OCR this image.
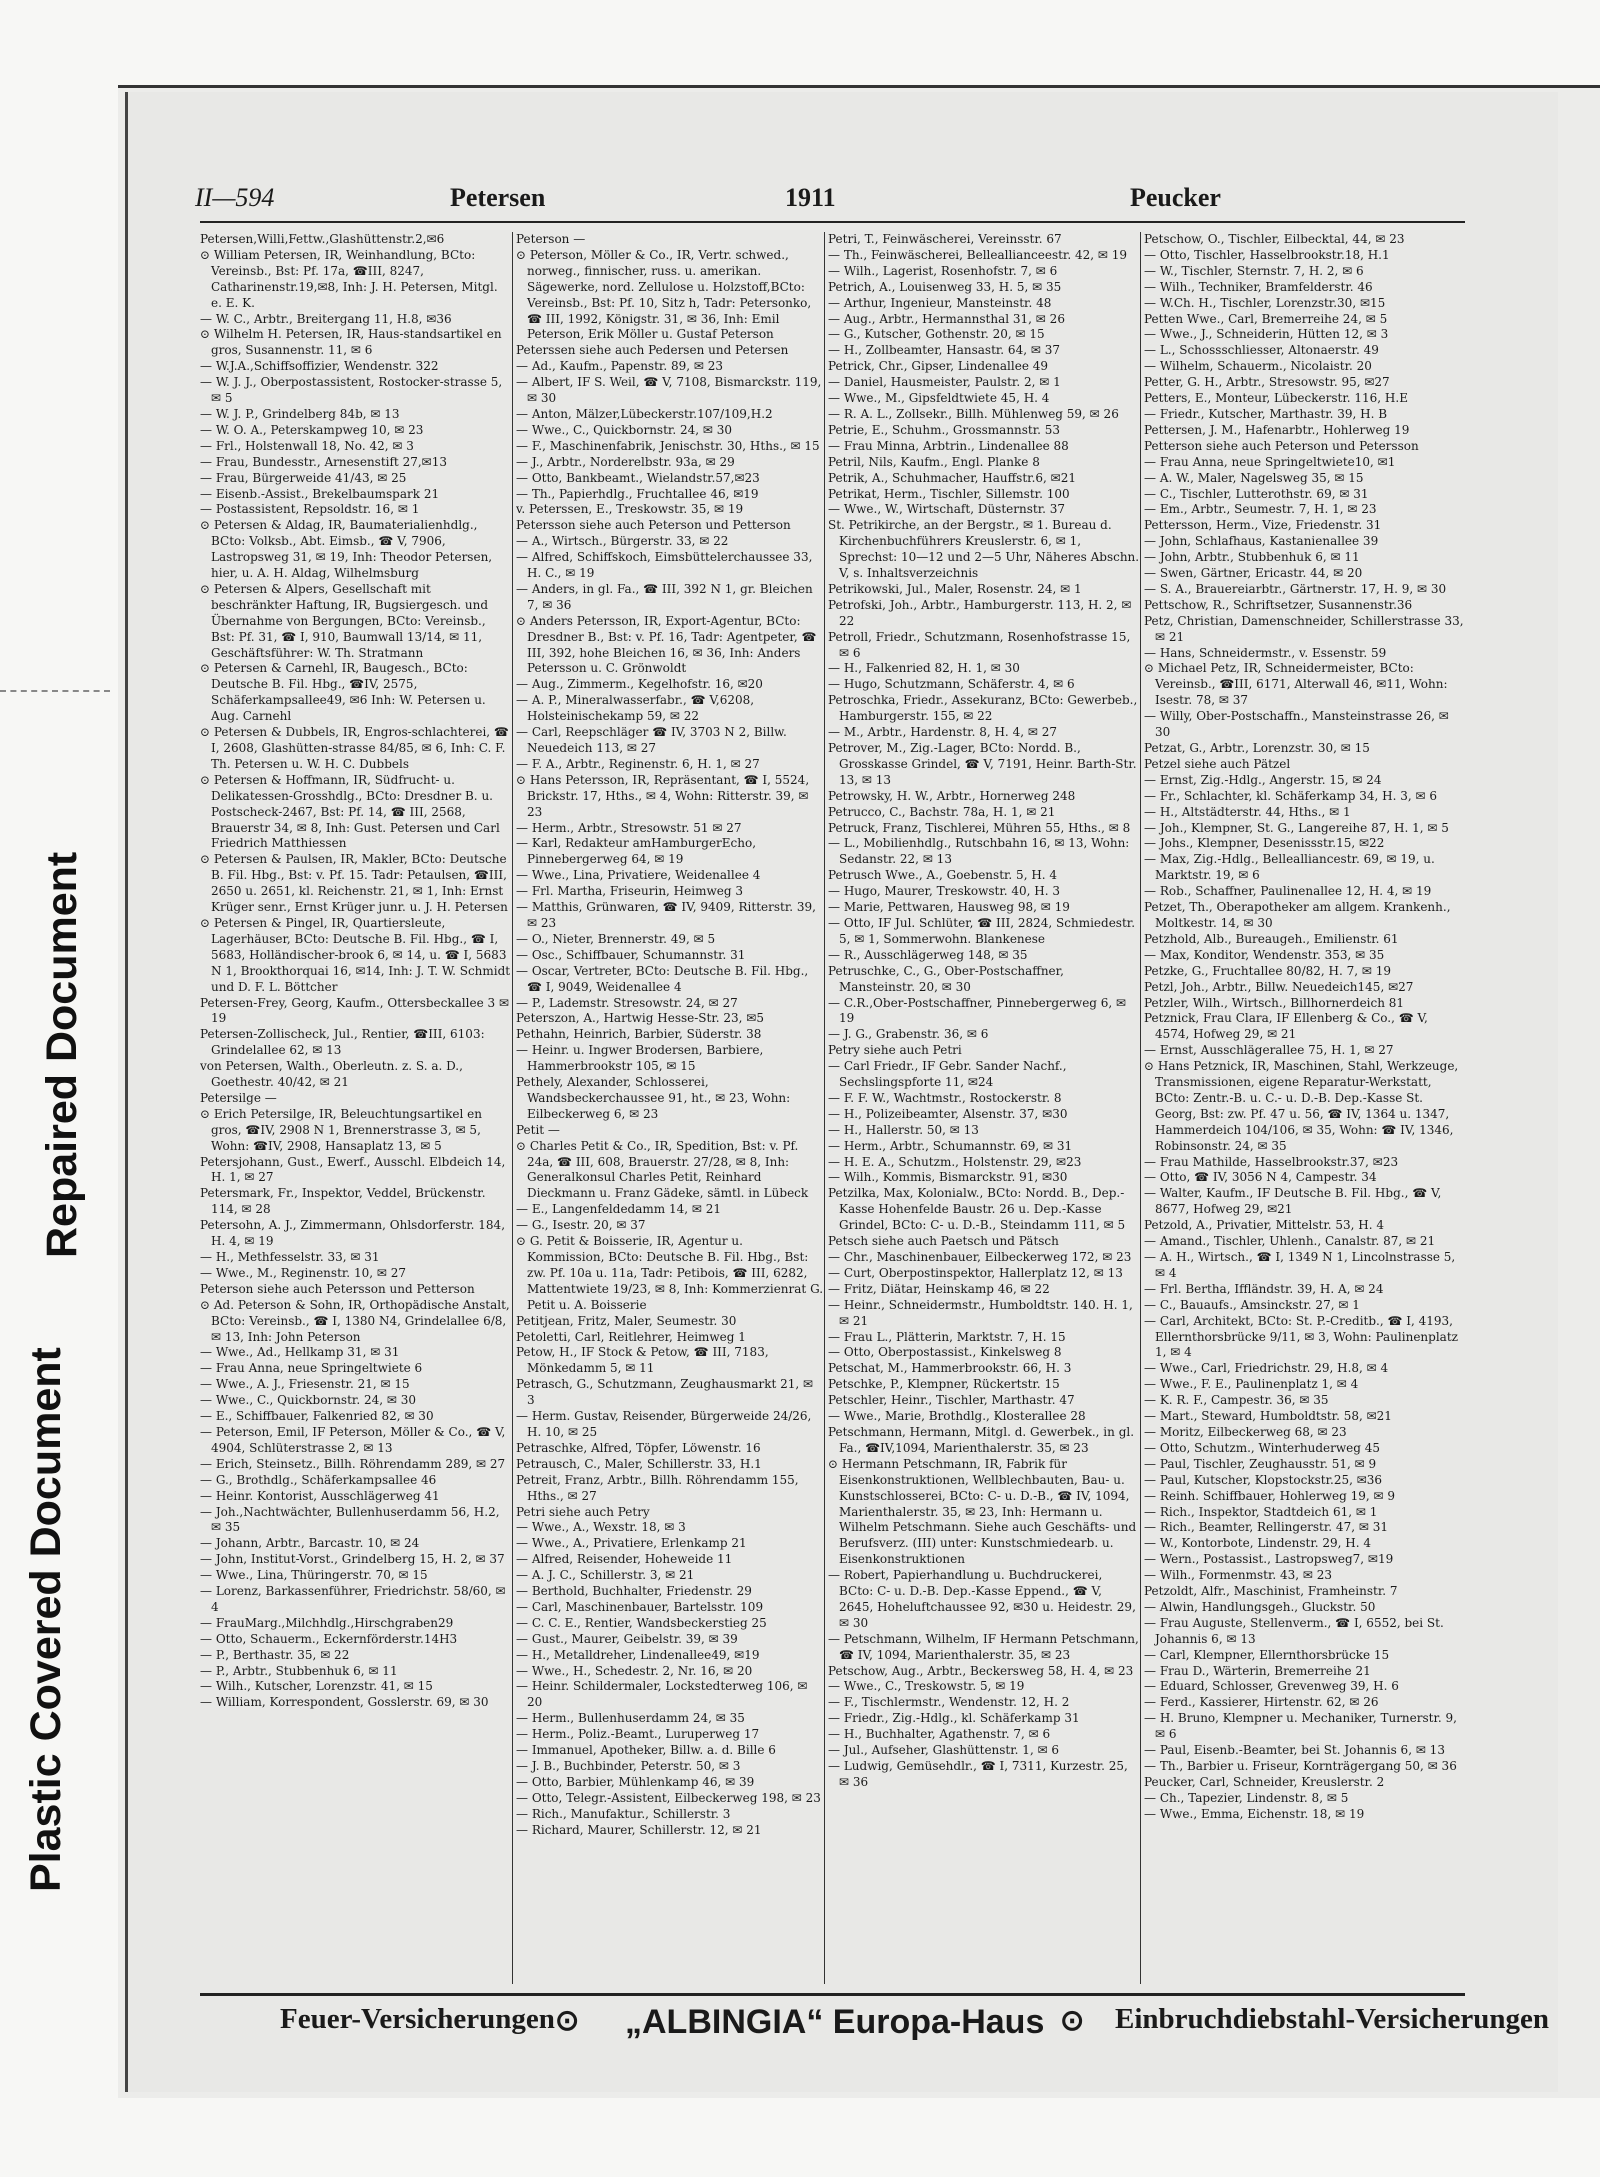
Repaired Document
Plastic Covered Document
II—594	Petersen	1911	Peucker

Petersen,Willi,Fettw.,Glashüttenstr.2,✉6

⊙ William Petersen, IR, Weinhandlung, BCto: Vereinsb., Bst: Pf. 17a, ☎III, 8247, Catharinenstr.19,✉8, Inh: J. H. Petersen, Mitgl. e. E. K.

— W. C., Arbtr., Breitergang 11, H.8, ✉36

⊙ Wilhelm H. Petersen, IR, Haus-standsartikel en gros, Susannenstr. 11, ✉ 6

— W.J.A.,Schiffsoffizier, Wendenstr. 322

— W. J. J., Oberpostassistent, Rostocker-strasse 5, ✉ 5

— W. J. P., Grindelberg 84b, ✉ 13

— W. O. A., Peterskampweg 10, ✉ 23

— Frl., Holstenwall 18, No. 42, ✉ 3

— Frau, Bundesstr., Arnesenstift 27,✉13

— Frau, Bürgerweide 41/43, ✉ 25

— Eisenb.-Assist., Brekelbaumspark 21

— Postassistent, Repsoldstr. 16, ✉ 1

⊙ Petersen & Aldag, IR, Baumaterialienhdlg., BCto: Volksb., Abt. Eimsb., ☎ V, 7906, Lastropsweg 31, ✉ 19, Inh: Theodor Petersen, hier, u. A. H. Aldag, Wilhelmsburg

⊙ Petersen & Alpers, Gesellschaft mit beschränkter Haftung, IR, Bugsiergesch. und Übernahme von Bergungen, BCto: Vereinsb., Bst: Pf. 31, ☎ I, 910, Baumwall 13/14, ✉ 11, Geschäftsführer: W. Th. Stratmann

⊙ Petersen & Carnehl, IR, Baugesch., BCto: Deutsche B. Fil. Hbg., ☎IV, 2575, Schäferkampsallee49, ✉6 Inh: W. Petersen u. Aug. Carnehl

⊙ Petersen & Dubbels, IR, Engros-schlachterei, ☎ I, 2608, Glashütten-strasse 84/85, ✉ 6, Inh: C. F. Th. Petersen u. W. H. C. Dubbels

⊙ Petersen & Hoffmann, IR, Südfrucht- u. Delikatessen-Grosshdlg., BCto: Dresdner B. u. Postscheck-2467, Bst: Pf. 14, ☎ III, 2568, Brauerstr 34, ✉ 8, Inh: Gust. Petersen und Carl Friedrich Matthiessen

⊙ Petersen & Paulsen, IR, Makler, BCto: Deutsche B. Fil. Hbg., Bst: v. Pf. 15. Tadr: Petaulsen, ☎III, 2650 u. 2651, kl. Reichenstr. 21, ✉ 1, Inh: Ernst Krüger senr., Ernst Krüger junr. u. J. H. Petersen

⊙ Petersen & Pingel, IR, Quartiersleute, Lagerhäuser, BCto: Deutsche B. Fil. Hbg., ☎ I, 5683, Holländischer-brook 6, ✉ 14, u. ☎ I, 5683 N 1, Brookthorquai 16, ✉14, Inh: J. T. W. Schmidt und D. F. L. Böttcher

Petersen-Frey, Georg, Kaufm., Ottersbeckallee 3 ✉ 19

Petersen-Zollischeck, Jul., Rentier, ☎III, 6103: Grindelallee 62, ✉ 13

von Petersen, Walth., Oberleutn. z. S. a. D., Goethestr. 40/42, ✉ 21

Petersilge —

⊙ Erich Petersilge, IR, Beleuchtungsartikel en gros, ☎IV, 2908 N 1, Brennerstrasse 3, ✉ 5, Wohn: ☎IV, 2908, Hansaplatz 13, ✉ 5

Petersjohann, Gust., Ewerf., Ausschl. Elbdeich 14, H. 1, ✉ 27

Petersmark, Fr., Inspektor, Veddel, Brückenstr. 114, ✉ 28

Petersohn, A. J., Zimmermann, Ohlsdorferstr. 184, H. 4, ✉ 19

— H., Methfesselstr. 33, ✉ 31

— Wwe., M., Reginenstr. 10, ✉ 27

Peterson siehe auch Petersson und Petterson

⊙ Ad. Peterson & Sohn, IR, Orthopädische Anstalt, BCto: Vereinsb., ☎ I, 1380 N4, Grindelallee 6/8, ✉ 13, Inh: John Peterson

— Wwe., Ad., Hellkamp 31, ✉ 31

— Frau Anna, neue Springeltwiete 6

— Wwe., A. J., Friesenstr. 21, ✉ 15

— Wwe., C., Quickbornstr. 24, ✉ 30

— E., Schiffbauer, Falkenried 82, ✉ 30

— Peterson, Emil, IF Peterson, Möller & Co., ☎ V, 4904, Schlüterstrasse 2, ✉ 13

— Erich, Steinsetz., Billh. Röhrendamm 289, ✉ 27

— G., Brothdlg., Schäferkampsallee 46

— Heinr. Kontorist, Ausschlägerweg 41

— Joh.,Nachtwächter, Bullenhuserdamm 56, H.2, ✉ 35

— Johann, Arbtr., Barcastr. 10, ✉ 24

— John, Institut-Vorst., Grindelberg 15, H. 2, ✉ 37

— Wwe., Lina, Thüringerstr. 70, ✉ 15

— Lorenz, Barkassenführer, Friedrichstr. 58/60, ✉ 4

— FrauMarg.,Milchhdlg.,Hirschgraben29

— Otto, Schauerm., Eckernförderstr.14H3

— P., Berthastr. 35, ✉ 22

— P., Arbtr., Stubbenhuk 6, ✉ 11

— Wilh., Kutscher, Lorenzstr. 41, ✉ 15

— William, Korrespondent, Gosslerstr. 69, ✉ 30

Peterson —

⊙ Peterson, Möller & Co., IR, Vertr. schwed., norweg., finnischer, russ. u. amerikan. Sägewerke, nord. Zellulose u. Holzstoff,BCto: Vereinsb., Bst: Pf. 10, Sitz h, Tadr: Petersonko, ☎ III, 1992, Königstr. 31, ✉ 36, Inh: Emil Peterson, Erik Möller u. Gustaf Peterson

Peterssen siehe auch Pedersen und Petersen

— Ad., Kaufm., Papenstr. 89, ✉ 23

— Albert, IF S. Weil, ☎ V, 7108, Bismarckstr. 119, ✉ 30

— Anton, Mälzer,Lübeckerstr.107/109,H.2

— Wwe., C., Quickbornstr. 24, ✉ 30

— F., Maschinenfabrik, Jenischstr. 30, Hths., ✉ 15

— J., Arbtr., Norderelbstr. 93a, ✉ 29

— Otto, Bankbeamt., Wielandstr.57,✉23

— Th., Papierhdlg., Fruchtallee 46, ✉19

v. Peterssen, E., Treskowstr. 35, ✉ 19

Petersson siehe auch Peterson und Petterson

— A., Wirtsch., Bürgerstr. 33, ✉ 22

— Alfred, Schiffskoch, Eimsbüttelerchaussee 33, H. C., ✉ 19

— Anders, in gl. Fa., ☎ III, 392 N 1, gr. Bleichen 7, ✉ 36

⊙ Anders Petersson, IR, Export-Agentur, BCto: Dresdner B., Bst: v. Pf. 16, Tadr: Agentpeter, ☎ III, 392, hohe Bleichen 16, ✉ 36, Inh: Anders Petersson u. C. Grönwoldt

— Aug., Zimmerm., Kegelhofstr. 16, ✉20

— A. P., Mineralwasserfabr., ☎ V,6208, Holsteinischekamp 59, ✉ 22

— Carl, Reepschläger ☎ IV, 3703 N 2, Billw. Neuedeich 113, ✉ 27

— F. A., Arbtr., Reginenstr. 6, H. 1, ✉ 27

⊙ Hans Petersson, IR, Repräsentant, ☎ I, 5524, Brickstr. 17, Hths., ✉ 4, Wohn: Ritterstr. 39, ✉ 23

— Herm., Arbtr., Stresowstr. 51 ✉ 27

— Karl, Redakteur amHamburgerEcho, Pinnebergerweg 64, ✉ 19

— Wwe., Lina, Privatiere, Weidenallee 4

— Frl. Martha, Friseurin, Heimweg 3

— Matthis, Grünwaren, ☎ IV, 9409, Ritterstr. 39, ✉ 23

— O., Nieter, Brennerstr. 49, ✉ 5

— Osc., Schiffbauer, Schumannstr. 31

— Oscar, Vertreter, BCto: Deutsche B. Fil. Hbg., ☎ I, 9049, Weidenallee 4

— P., Lademstr. Stresowstr. 24, ✉ 27

Peterszon, A., Hartwig Hesse-Str. 23, ✉5

Pethahn, Heinrich, Barbier, Süderstr. 38

— Heinr. u. Ingwer Brodersen, Barbiere, Hammerbrookstr 105, ✉ 15

Pethely, Alexander, Schlosserei, Wandsbeckerchaussee 91, ht., ✉ 23, Wohn: Eilbeckerweg 6, ✉ 23

Petit —

⊙ Charles Petit & Co., IR, Spedition, Bst: v. Pf. 24a, ☎ III, 608, Brauerstr. 27/28, ✉ 8, Inh: Generalkonsul Charles Petit, Reinhard Dieckmann u. Franz Gädeke, sämtl. in Lübeck

— E., Langenfeldedamm 14, ✉ 21

— G., Isestr. 20, ✉ 37

⊙ G. Petit & Boisserie, IR, Agentur u. Kommission, BCto: Deutsche B. Fil. Hbg., Bst: zw. Pf. 10a u. 11a, Tadr: Petibois, ☎ III, 6282, Mattentwiete 19/23, ✉ 8, Inh: Kommerzienrat G. Petit u. A. Boisserie

Petitjean, Fritz, Maler, Seumestr. 30

Petoletti, Carl, Reitlehrer, Heimweg 1

Petow, H., IF Stock & Petow, ☎ III, 7183, Mönkedamm 5, ✉ 11

Petrasch, G., Schutzmann, Zeughausmarkt 21, ✉ 3

— Herm. Gustav, Reisender, Bürgerweide 24/26, H. 10, ✉ 25

Petraschke, Alfred, Töpfer, Löwenstr. 16

Petrausch, C., Maler, Schillerstr. 33, H.1

Petreit, Franz, Arbtr., Billh. Röhrendamm 155, Hths., ✉ 27

Petri siehe auch Petry

— Wwe., A., Wexstr. 18, ✉ 3

— Wwe., A., Privatiere, Erlenkamp 21

— Alfred, Reisender, Hoheweide 11

— A. J. C., Schillerstr. 3, ✉ 21

— Berthold, Buchhalter, Friedenstr. 29

— Carl, Maschinenbauer, Bartelsstr. 109

— C. C. E., Rentier, Wandsbeckerstieg 25

— Gust., Maurer, Geibelstr. 39, ✉ 39

— H., Metalldreher, Lindenallee49, ✉19

— Wwe., H., Schedestr. 2, Nr. 16, ✉ 20

— Heinr. Schildermaler, Lockstedterweg 106, ✉ 20

— Herm., Bullenhuserdamm 24, ✉ 35

— Herm., Poliz.-Beamt., Luruperweg 17

— Immanuel, Apotheker, Billw. a. d. Bille 6

— J. B., Buchbinder, Peterstr. 50, ✉ 3

— Otto, Barbier, Mühlenkamp 46, ✉ 39

— Otto, Telegr.-Assistent, Eilbeckerweg 198, ✉ 23

— Rich., Manufaktur., Schillerstr. 3

— Richard, Maurer, Schillerstr. 12, ✉ 21

Petri, T., Feinwäscherei, Vereinsstr. 67

— Th., Feinwäscherei, Belleallianceestr. 42, ✉ 19

— Wilh., Lagerist, Rosenhofstr. 7, ✉ 6

Petrich, A., Louisenweg 33, H. 5, ✉ 35

— Arthur, Ingenieur, Mansteinstr. 48

— Aug., Arbtr., Hermannsthal 31, ✉ 26

— G., Kutscher, Gothenstr. 20, ✉ 15

— H., Zollbeamter, Hansastr. 64, ✉ 37

Petrick, Chr., Gipser, Lindenallee 49

— Daniel, Hausmeister, Paulstr. 2, ✉ 1

— Wwe., M., Gipsfeldtwiete 45, H. 4

— R. A. L., Zollsekr., Billh. Mühlenweg 59, ✉ 26

Petrie, E., Schuhm., Grossmannstr. 53

— Frau Minna, Arbtrin., Lindenallee 88

Petril, Nils, Kaufm., Engl. Planke 8

Petrik, A., Schuhmacher, Hauffstr.6, ✉21

Petrikat, Herm., Tischler, Sillemstr. 100

— Wwe., W., Wirtschaft, Düsternstr. 37

St. Petrikirche, an der Bergstr., ✉ 1. Bureau d. Kirchenbuchführers Kreuslerstr. 6, ✉ 1, Sprechst: 10—12 und 2—5 Uhr, Näheres Abschn. V, s. Inhaltsverzeichnis

Petrikowski, Jul., Maler, Rosenstr. 24, ✉ 1

Petrofski, Joh., Arbtr., Hamburgerstr. 113, H. 2, ✉ 22

Petroll, Friedr., Schutzmann, Rosenhofstrasse 15, ✉ 6

— H., Falkenried 82, H. 1, ✉ 30

— Hugo, Schutzmann, Schäferstr. 4, ✉ 6

Petroschka, Friedr., Assekuranz, BCto: Gewerbeb., Hamburgerstr. 155, ✉ 22

— M., Arbtr., Hardenstr. 8, H. 4, ✉ 27

Petrover, M., Zig.-Lager, BCto: Nordd. B., Grosskasse Grindel, ☎ V, 7191, Heinr. Barth-Str. 13, ✉ 13

Petrowsky, H. W., Arbtr., Hornerweg 248

Petrucco, C., Bachstr. 78a, H. 1, ✉ 21

Petruck, Franz, Tischlerei, Mühren 55, Hths., ✉ 8

— L., Mobilienhdlg., Rutschbahn 16, ✉ 13, Wohn: Sedanstr. 22, ✉ 13

Petrusch Wwe., A., Goebenstr. 5, H. 4

— Hugo, Maurer, Treskowstr. 40, H. 3

— Marie, Pettwaren, Hausweg 98, ✉ 19

— Otto, IF Jul. Schlüter, ☎ III, 2824, Schmiedestr. 5, ✉ 1, Sommerwohn. Blankenese

— R., Ausschlägerweg 148, ✉ 35

Petruschke, C., G., Ober-Postschaffner, Mansteinstr. 20, ✉ 30

— C.R.,Ober-Postschaffner, Pinnebergerweg 6, ✉ 19

— J. G., Grabenstr. 36, ✉ 6

Petry siehe auch Petri

— Carl Friedr., IF Gebr. Sander Nachf., Sechslingspforte 11, ✉24

— F. F. W., Wachtmstr., Rostockerstr. 8

— H., Polizeibeamter, Alsenstr. 37, ✉30

— H., Hallerstr. 50, ✉ 13

— Herm., Arbtr., Schumannstr. 69, ✉ 31

— H. E. A., Schutzm., Holstenstr. 29, ✉23

— Wilh., Kommis, Bismarckstr. 91, ✉30

Petzilka, Max, Kolonialw., BCto: Nordd. B., Dep.-Kasse Hohenfelde Baustr. 26 u. Dep.-Kasse Grindel, BCto: C- u. D.-B., Steindamm 111, ✉ 5

Petsch siehe auch Paetsch und Pätsch

— Chr., Maschinenbauer, Eilbeckerweg 172, ✉ 23

— Curt, Oberpostinspektor, Hallerplatz 12, ✉ 13

— Fritz, Diätar, Heinskamp 46, ✉ 22

— Heinr., Schneidermstr., Humboldtstr. 140. H. 1, ✉ 21

— Frau L., Plätterin, Marktstr. 7, H. 15

— Otto, Oberpostassist., Kinkelsweg 8

Petschat, M., Hammerbrookstr. 66, H. 3

Petschke, P., Klempner, Rückertstr. 15

Petschler, Heinr., Tischler, Marthastr. 47

— Wwe., Marie, Brothdlg., Klosterallee 28

Petschmann, Hermann, Mitgl. d. Gewerbek., in gl. Fa., ☎IV,1094, Marienthalerstr. 35, ✉ 23

⊙ Hermann Petschmann, IR, Fabrik für Eisenkonstruktionen, Wellblechbauten, Bau- u. Kunstschlosserei, BCto: C- u. D.-B., ☎ IV, 1094, Marienthalerstr. 35, ✉ 23, Inh: Hermann u. Wilhelm Petschmann. Siehe auch Geschäfts- und Berufsverz. (III) unter: Kunstschmiedearb. u. Eisenkonstruktionen

— Robert, Papierhandlung u. Buchdruckerei, BCto: C- u. D.-B. Dep.-Kasse Eppend., ☎ V, 2645, Hoheluftchaussee 92, ✉30 u. Heidestr. 29, ✉ 30

— Petschmann, Wilhelm, IF Hermann Petschmann, ☎ IV, 1094, Marienthalerstr. 35, ✉ 23

Petschow, Aug., Arbtr., Beckersweg 58, H. 4, ✉ 23

— Wwe., C., Treskowstr. 5, ✉ 19

— F., Tischlermstr., Wendenstr. 12, H. 2

— Friedr., Zig.-Hdlg., kl. Schäferkamp 31

— H., Buchhalter, Agathenstr. 7, ✉ 6

— Jul., Aufseher, Glashüttenstr. 1, ✉ 6

— Ludwig, Gemüsehdlr., ☎ I, 7311, Kurzestr. 25, ✉ 36

Petschow, O., Tischler, Eilbecktal, 44, ✉ 23

— Otto, Tischler, Hasselbrookstr.18, H.1

— W., Tischler, Sternstr. 7, H. 2, ✉ 6

— Wilh., Techniker, Bramfelderstr. 46

— W.Ch. H., Tischler, Lorenzstr.30, ✉15

Petten Wwe., Carl, Bremerreihe 24, ✉ 5

— Wwe., J., Schneiderin, Hütten 12, ✉ 3

— L., Schossschliesser, Altonaerstr. 49

— Wilhelm, Schauerm., Nicolaistr. 20

Petter, G. H., Arbtr., Stresowstr. 95, ✉27

Petters, E., Monteur, Lübeckerstr. 116, H.E

— Friedr., Kutscher, Marthastr. 39, H. B

Pettersen, J. M., Hafenarbtr., Hohlerweg 19

Petterson siehe auch Peterson und Petersson

— Frau Anna, neue Springeltwiete10, ✉1

— A. W., Maler, Nagelsweg 35, ✉ 15

— C., Tischler, Lutterothstr. 69, ✉ 31

— Em., Arbtr., Seumestr. 7, H. 1, ✉ 23

Pettersson, Herm., Vize, Friedenstr. 31

— John, Schlafhaus, Kastanienallee 39

— John, Arbtr., Stubbenhuk 6, ✉ 11

— Swen, Gärtner, Ericastr. 44, ✉ 20

— S. A., Brauereiarbtr., Gärtnerstr. 17, H. 9, ✉ 30

Pettschow, R., Schriftsetzer, Susannenstr.36

Petz, Christian, Damenschneider, Schillerstrasse 33, ✉ 21

— Hans, Schneidermstr., v. Essenstr. 59

⊙ Michael Petz, IR, Schneidermeister, BCto: Vereinsb., ☎III, 6171, Alterwall 46, ✉11, Wohn: Isestr. 78, ✉ 37

— Willy, Ober-Postschaffn., Mansteinstrasse 26, ✉ 30

Petzat, G., Arbtr., Lorenzstr. 30, ✉ 15

Petzel siehe auch Pätzel

— Ernst, Zig.-Hdlg., Angerstr. 15, ✉ 24

— Fr., Schlachter, kl. Schäferkamp 34, H. 3, ✉ 6

— H., Altstädterstr. 44, Hths., ✉ 1

— Joh., Klempner, St. G., Langereihe 87, H. 1, ✉ 5

— Johs., Klempner, Desenissstr.15, ✉22

— Max, Zig.-Hdlg., Bellealliancestr. 69, ✉ 19, u. Marktstr. 19, ✉ 6

— Rob., Schaffner, Paulinenallee 12, H. 4, ✉ 19

Petzet, Th., Oberapotheker am allgem. Krankenh., Moltkestr. 14, ✉ 30

Petzhold, Alb., Bureaugeh., Emilienstr. 61

— Max, Konditor, Wendenstr. 353, ✉ 35

Petzke, G., Fruchtallee 80/82, H. 7, ✉ 19

Petzl, Joh., Arbtr., Billw. Neuedeich145, ✉27

Petzler, Wilh., Wirtsch., Billhornerdeich 81

Petznick, Frau Clara, IF Ellenberg & Co., ☎ V, 4574, Hofweg 29, ✉ 21

— Ernst, Ausschlägerallee 75, H. 1, ✉ 27

⊙ Hans Petznick, IR, Maschinen, Stahl, Werkzeuge, Transmissionen, eigene Reparatur-Werkstatt, BCto: Zentr.-B. u. C.- u. D.-B. Dep.-Kasse St. Georg, Bst: zw. Pf. 47 u. 56, ☎ IV, 1364 u. 1347, Hammerdeich 104/106, ✉ 35, Wohn: ☎ IV, 1346, Robinsonstr. 24, ✉ 35

— Frau Mathilde, Hasselbrookstr.37, ✉23

— Otto, ☎ IV, 3056 N 4, Campestr. 34

— Walter, Kaufm., IF Deutsche B. Fil. Hbg., ☎ V, 8677, Hofweg 29, ✉21

Petzold, A., Privatier, Mittelstr. 53, H. 4

— Amand., Tischler, Uhlenh., Canalstr. 87, ✉ 21

— A. H., Wirtsch., ☎ I, 1349 N 1, Lincolnstrasse 5, ✉ 4

— Frl. Bertha, Iffländstr. 39, H. A, ✉ 24

— C., Bauaufs., Amsinckstr. 27, ✉ 1

— Carl, Architekt, BCto: St. P.-Creditb., ☎ I, 4193, Ellernthorsbrücke 9/11, ✉ 3, Wohn: Paulinenplatz 1, ✉ 4

— Wwe., Carl, Friedrichstr. 29, H.8, ✉ 4

— Wwe., F. E., Paulinenplatz 1, ✉ 4

— K. R. F., Campestr. 36, ✉ 35

— Mart., Steward, Humboldtstr. 58, ✉21

— Moritz, Eilbeckerweg 68, ✉ 23

— Otto, Schutzm., Winterhuderweg 45

— Paul, Tischler, Zeughausstr. 51, ✉ 9

— Paul, Kutscher, Klopstockstr.25, ✉36

— Reinh. Schiffbauer, Hohlerweg 19, ✉ 9

— Rich., Inspektor, Stadtdeich 61, ✉ 1

— Rich., Beamter, Rellingerstr. 47, ✉ 31

— W., Kontorbote, Lindenstr. 29, H. 4

— Wern., Postassist., Lastropsweg7, ✉19

— Wilh., Formenmstr. 43, ✉ 23

Petzoldt, Alfr., Maschinist, Framheinstr. 7

— Alwin, Handlungsgeh., Gluckstr. 50

— Frau Auguste, Stellenverm., ☎ I, 6552, bei St. Johannis 6, ✉ 13

— Carl, Klempner, Ellernthorsbrücke 15

— Frau D., Wärterin, Bremerreihe 21

— Eduard, Schlosser, Grevenweg 39, H. 6

— Ferd., Kassierer, Hirtenstr. 62, ✉ 26

— H. Bruno, Klempner u. Mechaniker, Turnerstr. 9, ✉ 6

— Paul, Eisenb.-Beamter, bei St. Johannis 6, ✉ 13

— Th., Barbier u. Friseur, Kornträgergang 50, ✉ 36

Peucker, Carl, Schneider, Kreuslerstr. 2

— Ch., Tapezier, Lindenstr. 8, ✉ 5

— Wwe., Emma, Eichenstr. 18, ✉ 19

Feuer-Versicherungen ⊙ „ALBINGIA“ Europa-Haus ⊙ Einbruchdiebstahl-Versicherungen
